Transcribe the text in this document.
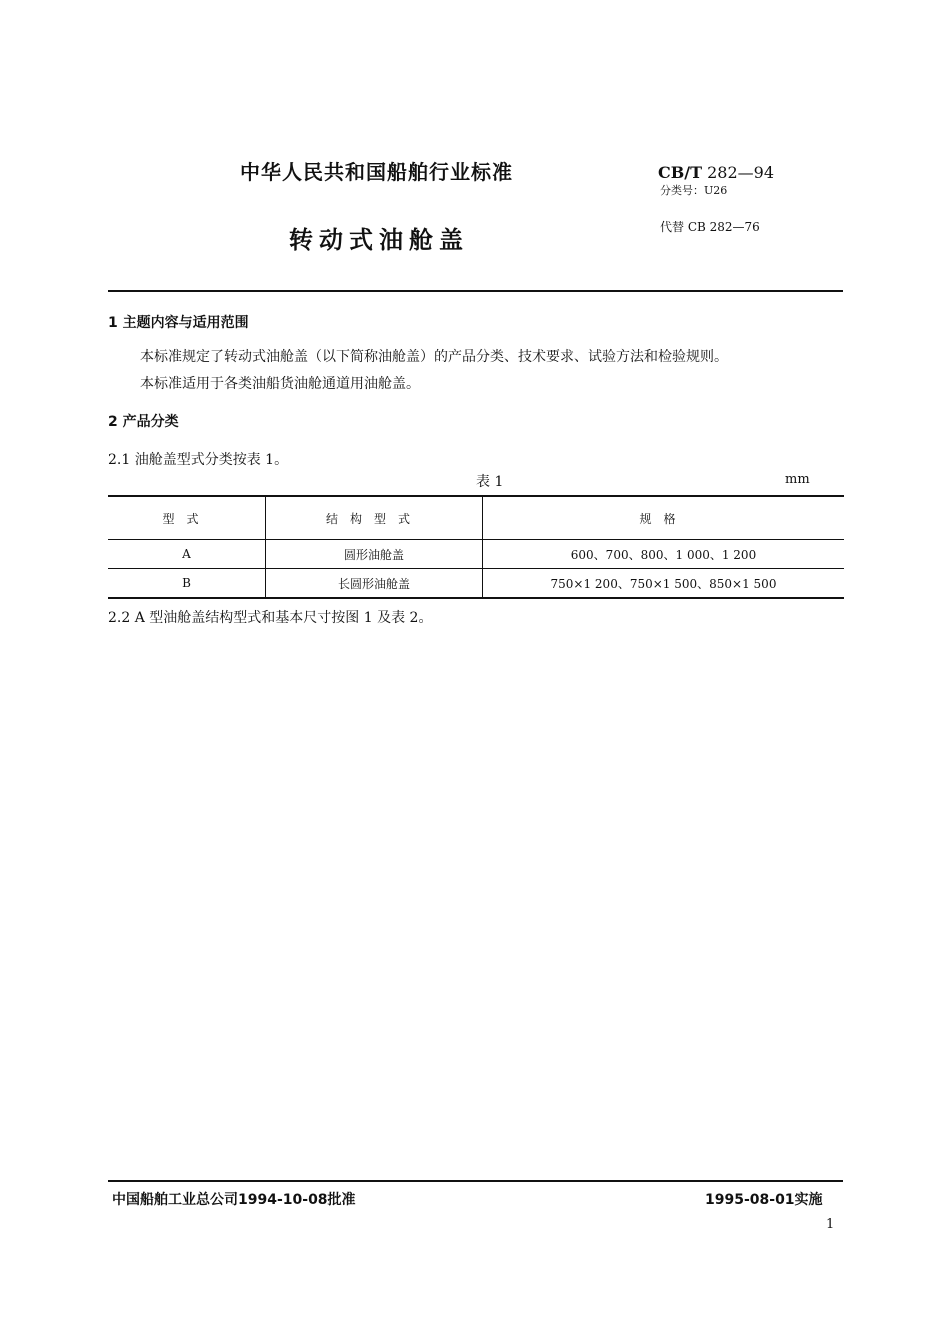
中华人民共和国船舶行业标准	CB/T 282—94
分类号：U26
转动式油舱盖	代替 CB 282—76
1 主题内容与适用范围
本标准规定了转动式油舱盖（以下简称油舱盖）的产品分类、技术要求、试验方法和检验规则。
本标准适用于各类油船货油舱通道用油舱盖。
2 产品分类
2.1 油舱盖型式分类按表 1。
表 1	mm
型式	结构型式	规格
A	圆形油舱盖	600、700、800、1 000、1 200
B	长圆形油舱盖	750×1 200、750×1 500、850×1 500
2.2 A 型油舱盖结构型式和基本尺寸按图 1 及表 2。
中国船舶工业总公司1994-10-08批准	1995-08-01实施
1
